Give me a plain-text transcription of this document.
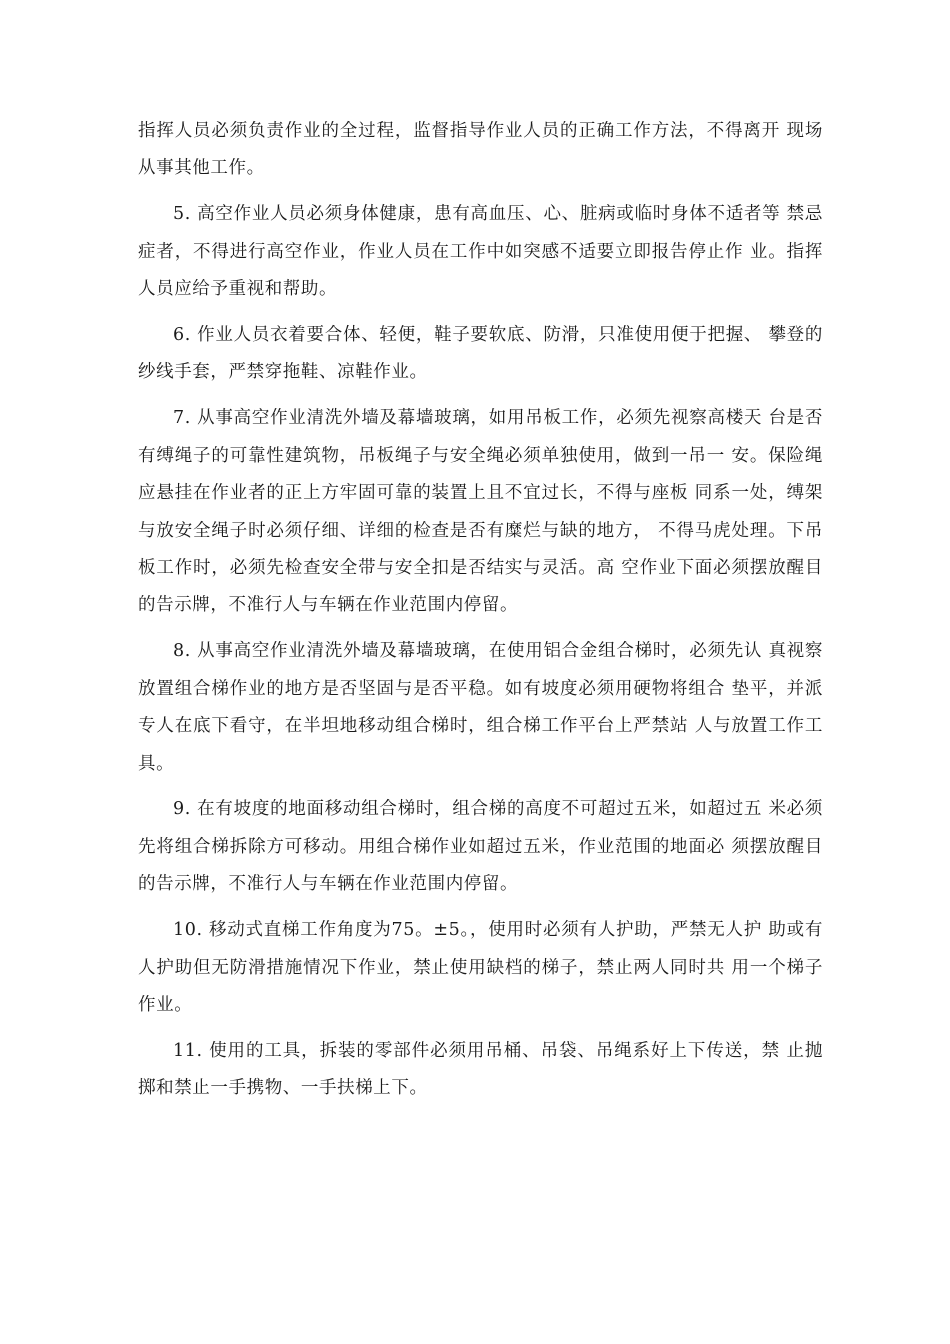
指挥人员必须负责作业的全过程，监督指导作业人员的正确工作方法，不得离开 现场从事其他工作。

5. 高空作业人员必须身体健康，患有高血压、心、脏病或临时身体不适者等 禁忌症者，不得进行高空作业，作业人员在工作中如突感不适要立即报告停止作 业。指挥人员应给予重视和帮助。

6. 作业人员衣着要合体、轻便，鞋子要软底、防滑，只准使用便于把握、 攀登的纱线手套，严禁穿拖鞋、凉鞋作业。

7. 从事高空作业清洗外墙及幕墙玻璃，如用吊板工作，必须先视察高楼天 台是否有缚绳子的可靠性建筑物，吊板绳子与安全绳必须单独使用，做到一吊一 安。保险绳应悬挂在作业者的正上方牢固可靠的装置上且不宜过长，不得与座板 同系一处，缚架与放安全绳子时必须仔细、详细的检查是否有糜烂与缺的地方， 不得马虎处理。下吊板工作时，必须先检查安全带与安全扣是否结实与灵活。高 空作业下面必须摆放醒目的告示牌，不准行人与车辆在作业范围内停留。

8. 从事高空作业清洗外墙及幕墙玻璃，在使用铝合金组合梯时，必须先认 真视察放置组合梯作业的地方是否坚固与是否平稳。如有坡度必须用硬物将组合 垫平，并派专人在底下看守，在半坦地移动组合梯时，组合梯工作平台上严禁站 人与放置工作工具。

9. 在有坡度的地面移动组合梯时，组合梯的高度不可超过五米，如超过五 米必须先将组合梯拆除方可移动。用组合梯作业如超过五米，作业范围的地面必 须摆放醒目的告示牌，不准行人与车辆在作业范围内停留。

10. 移动式直梯工作角度为75。±5。，使用时必须有人护助，严禁无人护 助或有人护助但无防滑措施情况下作业，禁止使用缺档的梯子，禁止两人同时共 用一个梯子作业。

11. 使用的工具，拆装的零部件必须用吊桶、吊袋、吊绳系好上下传送，禁 止抛掷和禁止一手携物、一手扶梯上下。
